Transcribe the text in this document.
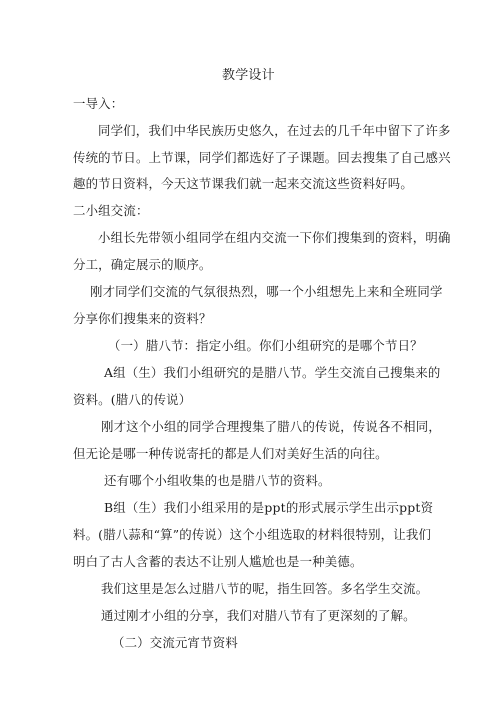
教学设计
一导入：
同学们，我们中华民族历史悠久，在过去的几千年中留下了许多
传统的节日。上节课，同学们都选好了子课题。回去搜集了自己感兴
趣的节日资料，今天这节课我们就一起来交流这些资料好吗。
二小组交流：
小组长先带领小组同学在组内交流一下你们搜集到的资料，明确
分工，确定展示的顺序。
刚才同学们交流的气氛很热烈，哪一个小组想先上来和全班同学
分享你们搜集来的资料？
（一）腊八节：指定小组。你们小组研究的是哪个节日？
A组（生）我们小组研究的是腊八节。学生交流自己搜集来的
资料。(腊八的传说）
刚才这个小组的同学合理搜集了腊八的传说，传说各不相同，
但无论是哪一种传说寄托的都是人们对美好生活的向往。
还有哪个小组收集的也是腊八节的资料。
B组（生）我们小组采用的是ppt的形式展示学生出示ppt资
料。(腊八蒜和“算”的传说）这个小组选取的材料很特别，让我们
明白了古人含蓄的表达不让别人尴尬也是一种美德。
我们这里是怎么过腊八节的呢，指生回答。多名学生交流。
通过刚才小组的分享，我们对腊八节有了更深刻的了解。
（二）交流元宵节资料
